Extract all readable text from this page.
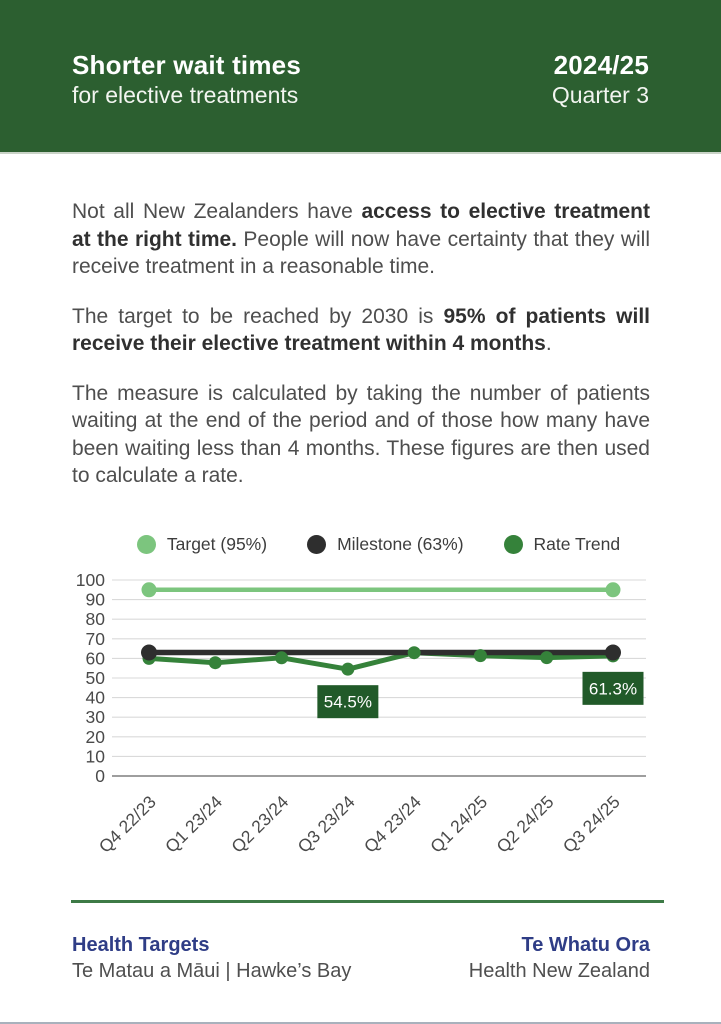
Shorter wait times
for elective treatments
2024/25
Quarter 3

Not all New Zealanders have access to elective treatment at the right time. People will now have certainty that they will receive treatment in a reasonable time.

The target to be reached by 2030 is 95% of patients will receive their elective treatment within 4 months.

The measure is calculated by taking the number of patients waiting at the end of the period and of those how many have been waiting less than 4 months. These figures are then used to calculate a rate.

Target (95%)	Milestone (63%)	Rate Trend
0
10
20
30
40
50
60
70
80
90
100
54.5%
61.3%
Q4 22/23 Q1 23/24 Q2 23/24 Q3 23/24 Q4 23/24 Q1 24/25 Q2 24/25 Q3 24/25
Health Targets
Te Matau a Māui | Hawke’s Bay
Te Whatu Ora
Health New Zealand
